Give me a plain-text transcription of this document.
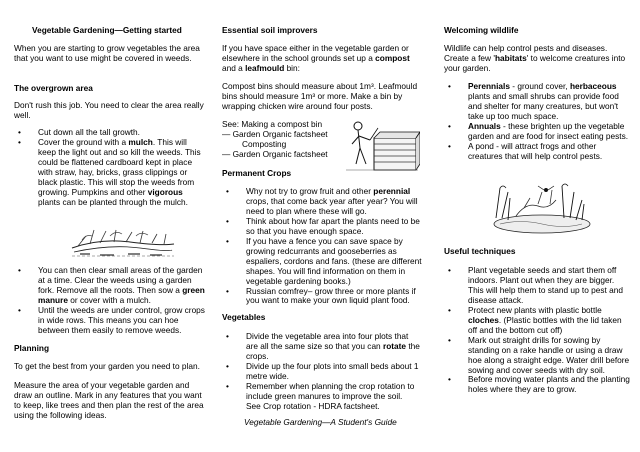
Vegetable Gardening—Getting started

When you are starting to grow vegetables the area that you want to use might be covered in weeds.

The overgrown area

Don't rush this job. You need to clear the area really well.

• Cut down all the tall growth.
• Cover the ground with a mulch. This will keep the light out and so kill the weeds. This could be flattened cardboard kept in place with straw, hay, bricks, grass clippings or black plastic. This will stop the weeds from growing. Pumpkins and other vigorous plants can be planted through the mulch.
• You can then clear small areas of the garden at a time. Clear the weeds using a garden fork. Remove all the roots. Then sow a green manure or cover with a mulch.
• Until the weeds are under control, grow crops in wide rows. This means you can hoe between them easily to remove weeds.
Planning

To get the best from your garden you need to plan.

Measure the area of your vegetable garden and draw an outline. Mark in any features that you want to keep, like trees and then plan the rest of the area using the following ideas.

Essential soil improvers

If you have space either in the vegetable garden or elsewhere in the school grounds set up a compost and a leafmould bin:

Compost bins should measure about 1m³. Leafmould bins should measure 1m³ or more. Make a bin by wrapping chicken wire around four posts.

See: Making a compost bin

— Garden Organic factsheet

Composting

— Garden Organic factsheet

Permanent Crops
• Why not try to grow fruit and other perennial crops, that come back year after year? You will need to plan where these will go.
• Think about how far apart the plants need to be so that you have enough space.
• If you have a fence you can save space by growing redcurrants and gooseberries as espaliers, cordons and fans. (these are different shapes. You will find information on them in vegetable gardening books.)
• Russian comfrey– grow three or more plants if you want to make your own liquid plant food.
Vegetables
• Divide the vegetable area into four plots that are all the same size so that you can rotate the crops.
• Divide up the four plots into small beds about 1 metre wide.
• Remember when planning the crop rotation to include green manures to improve the soil.
See Crop rotation - HDRA factsheet.

Vegetable Gardening—A Student's Guide

Welcoming wildlife

Wildlife can help control pests and diseases. Create a few 'habitats' to welcome creatures into your garden.

• Perennials - ground cover, herbaceous plants and small shrubs can provide food and shelter for many creatures, but won't take up too much space.
• Annuals - these brighten up the vegetable garden and are food for insect eating pests.
• A pond - will attract frogs and other creatures that will help control pests.
Useful techniques
• Plant vegetable seeds and start them off indoors. Plant out when they are bigger. This will help them to stand up to pest and disease attack.
• Protect new plants with plastic bottle cloches. (Plastic bottles with the lid taken off and the bottom cut off)
• Mark out straight drills for sowing by standing on a rake handle or using a draw hoe along a straight edge. Water drill before sowing and cover seeds with dry soil.
• Before moving water plants and the planting holes where they are to grow.
